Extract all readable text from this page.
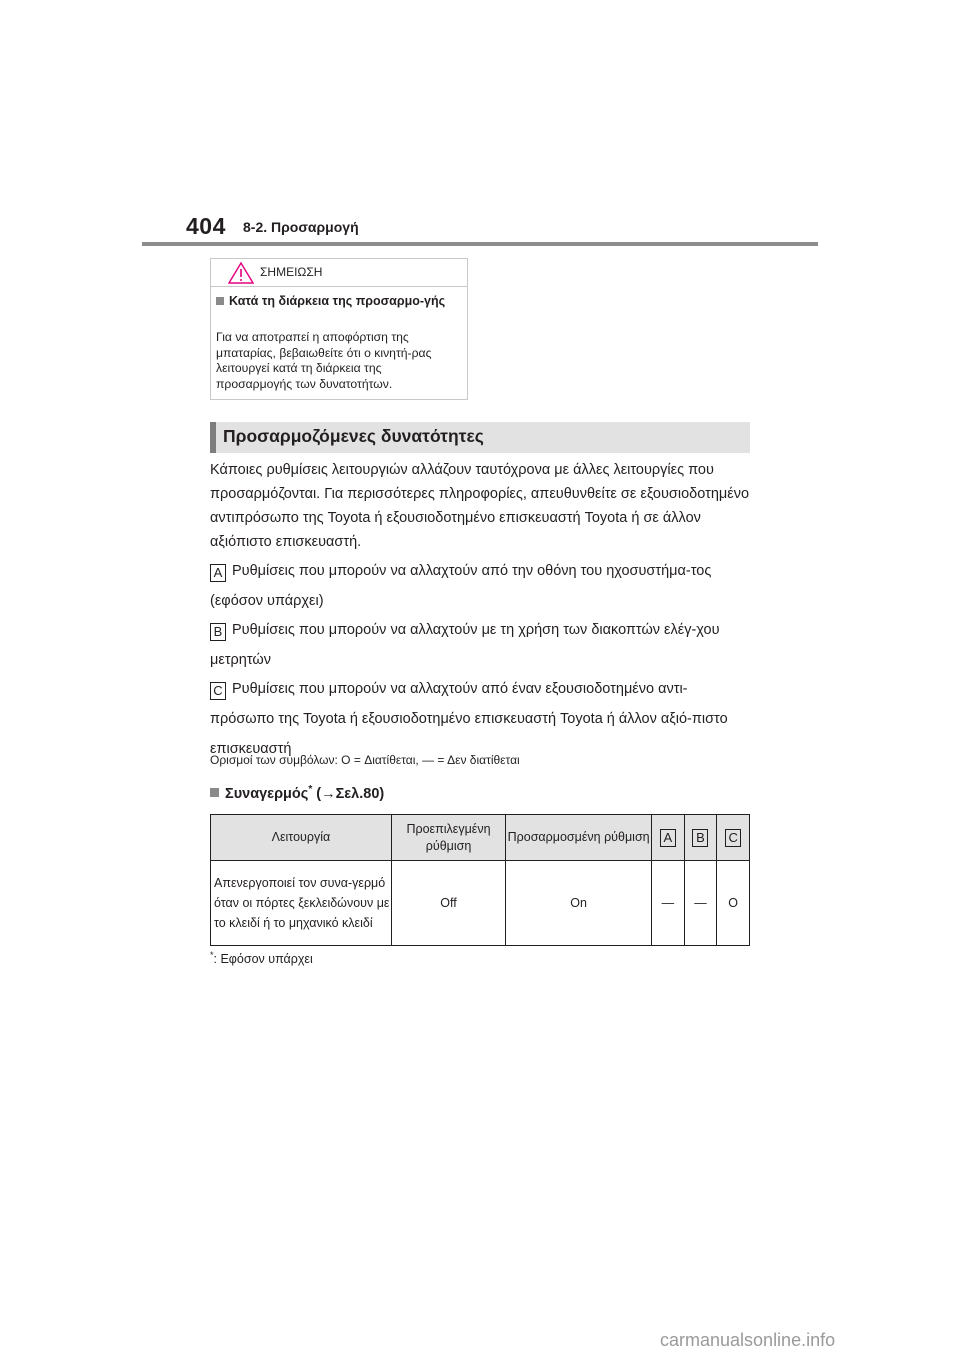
404 8-2. Προσαρμογή
ΣΗΜΕΙΩΣΗ
Κατά τη διάρκεια της προσαρμο-γής
Για να αποτραπεί η αποφόρτιση της μπαταρίας, βεβαιωθείτε ότι ο κινητή-ρας λειτουργεί κατά τη διάρκεια της προσαρμογής των δυνατοτήτων.
Προσαρμοζόμενες δυνατότητες
Κάποιες ρυθμίσεις λειτουργιών αλλάζουν ταυτόχρονα με άλλες λειτουργίες που προσαρμόζονται. Για περισσότερες πληροφορίες, απευθυνθείτε σε εξουσιοδοτημένο αντιπρόσωπο της Toyota ή εξουσιοδοτημένο επισκευαστή Toyota ή σε άλλον αξιόπιστο επισκευαστή.
A Ρυθμίσεις που μπορούν να αλλαχτούν από την οθόνη του ηχοσυστήμα-τος (εφόσον υπάρχει)
B Ρυθμίσεις που μπορούν να αλλαχτούν με τη χρήση των διακοπτών ελέγ-χου μετρητών
C Ρυθμίσεις που μπορούν να αλλαχτούν από έναν εξουσιοδοτημένο αντι-πρόσωπο της Toyota ή εξουσιοδοτημένο επισκευαστή Toyota ή άλλον αξιό-πιστο επισκευαστή
Ορισμοί των συμβόλων: O = Διατίθεται, — = Δεν διατίθεται
Συναγερμός* (→Σελ.80)
Λειτουργία	Προεπιλεγμένη ρύθμιση	Προσαρμοσμένη ρύθμιση	A	B	C
Απενεργοποιεί τον συνα-γερμό όταν οι πόρτες ξεκλειδώνουν με το κλειδί ή το μηχανικό κλειδί	Off	On	—	—	O
*: Εφόσον υπάρχει
carmanualsonline.info
